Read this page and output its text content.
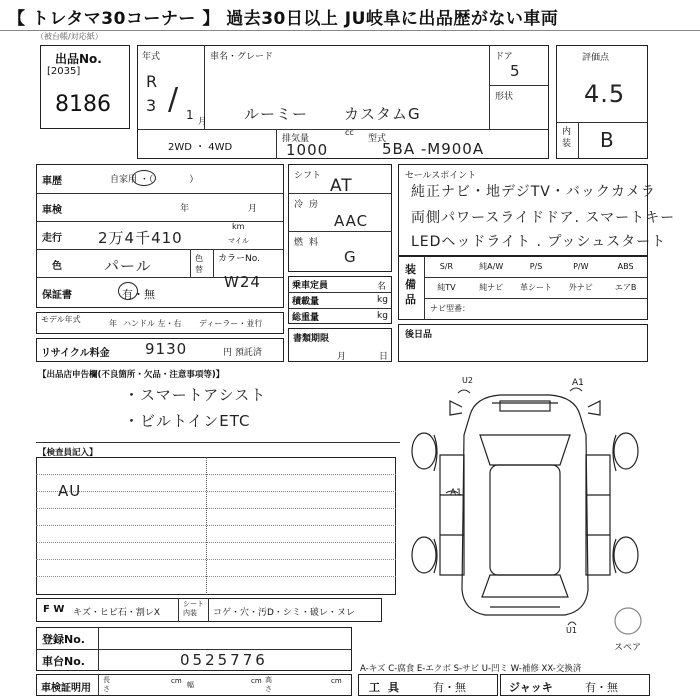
【 トレタマ30コーナー 】 過去30日以上 JU岐阜に出品歴がない車両
（被台帳/対応紙）
出品No.
[2035]
8186
年式
R
3 / 1 月
車名・グレード
ルーミー カスタムG
ドア
5
形状
2WD ・ 4WD
排気量
cc
1000
型式
5BA -M900A
評価点
4.5
内装 B
車歴	自家用 ・（　　　　）
車検	年	月
走行 2万4千410
km
マイル
色	パール	色替
カラーNo.
保証書	有・無
モデル年式	年 ハンドル 左・右 ディーラー・並行
リサイクル料金 9130	円 預託済
W24
シフト AT
冷房
AAC
燃料
G
乗車定員	名
積載量	kg
総重量	kg
書類期限
月	日
セールスポイント
純正ナビ・地デジTV・バックカメラ
両側パワースライドドア. スマートキー
LEDヘッドライト . プッシュスタート
装備品
S/R	純A/W	P/S	P/W	ABS
純TV	純ナビ	革シート	外ナビ	エアB
ナビ型番：
後日品
【出品店申告欄(不良箇所・欠品・注意事項等)】
・スマートアシスト
・ビルトインETC
【検査員記入】
AU
U2	A1
A1
U1
スペア
F W キズ・ヒビ石・割レX
シート内装	コゲ・穴・汚D・シミ・破レ・ヌレ
登録No.
車台No.	0525776	A-キズ C-腐食 E-エクボ S-サビ U-凹ミ W-補修 XX-交換済
車検証明用
長さ
cm 幅	cm 高さ
cm 工具 有・無	ジャッキ	有・無
